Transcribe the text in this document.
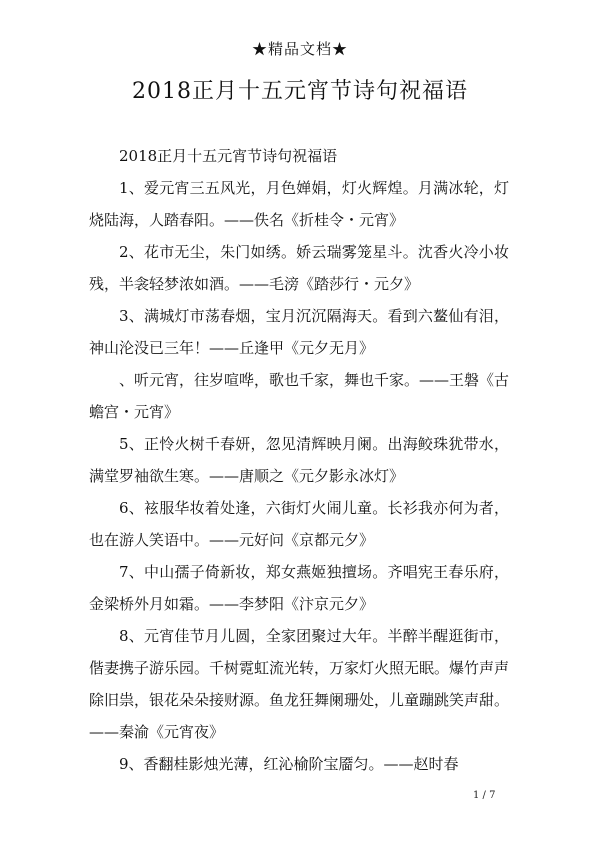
★精品文档★
2018正月十五元宵节诗句祝福语

2018正月十五元宵节诗句祝福语

1、爱元宵三五风光，月色婵娟，灯火辉煌。月满冰轮，灯烧陆海，人踏春阳。——佚名《折桂令・元宵》

2、花市无尘，朱门如绣。娇云瑞雾笼星斗。沈香火冷小妆残，半衾轻梦浓如酒。——毛滂《踏莎行・元夕》

3、满城灯市荡春烟，宝月沉沉隔海天。看到六鳌仙有泪，神山沦没已三年！——丘逢甲《元夕无月》

、听元宵，往岁喧哗，歌也千家，舞也千家。——王磐《古蟾宫・元宵》

5、正怜火树千春妍，忽见清辉映月阑。出海鲛珠犹带水，满堂罗袖欲生寒。——唐顺之《元夕影永冰灯》

6、袨服华妆着处逢，六街灯火闹儿童。长衫我亦何为者，也在游人笑语中。——元好问《京都元夕》

7、中山孺子倚新妆，郑女燕姬独擅场。齐唱宪王春乐府，金梁桥外月如霜。——李梦阳《汴京元夕》

8、元宵佳节月儿圆，全家团聚过大年。半醉半醒逛街市，偕妻携子游乐园。千树霓虹流光转，万家灯火照无眠。爆竹声声除旧祟，银花朵朵接财源。鱼龙狂舞阑珊处，儿童蹦跳笑声甜。——秦渝《元宵夜》

9、香翻桂影烛光薄，红沁榆阶宝靥匀。——赵时春

1 / 7
